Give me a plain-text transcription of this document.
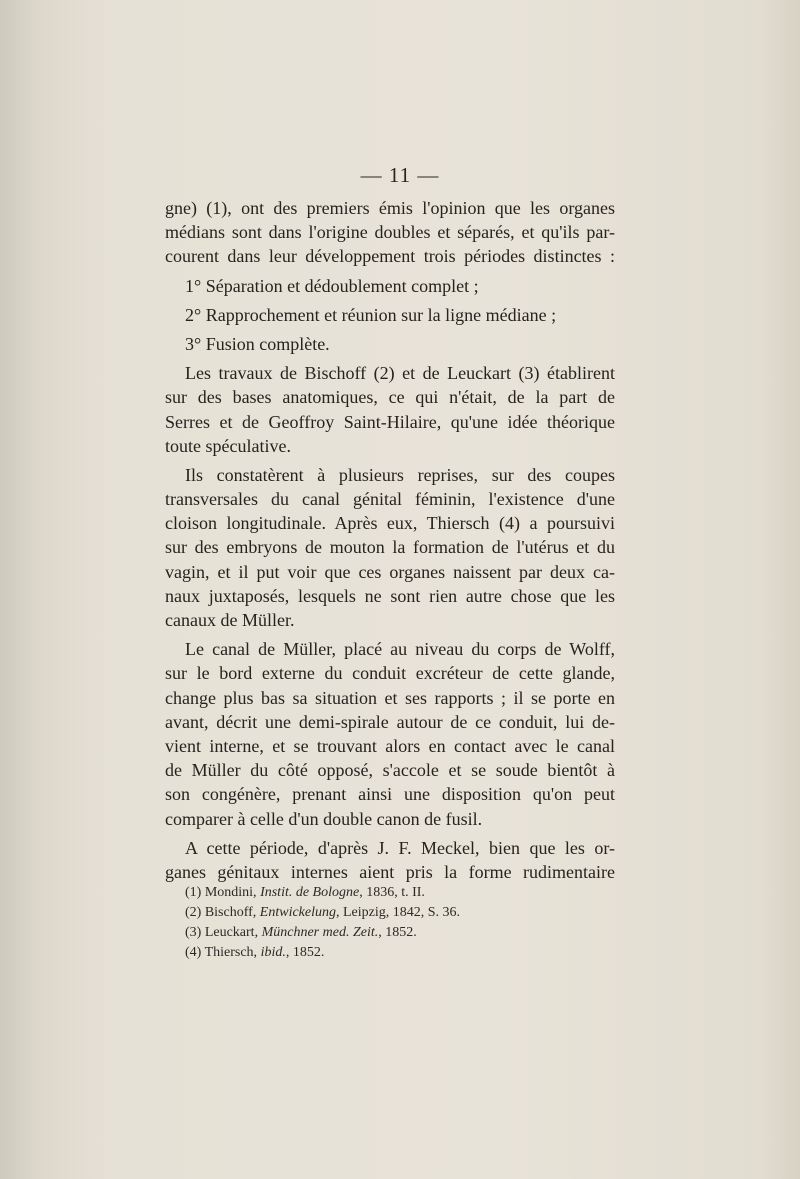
— 11 —
gne) (1), ont des premiers émis l'opinion que les organes
médians sont dans l'origine doubles et séparés, et qu'ils par-
courent dans leur développement trois périodes distinctes :
1° Séparation et dédoublement complet ;
2° Rapprochement et réunion sur la ligne médiane ;
3° Fusion complète.
Les travaux de Bischoff (2) et de Leuckart (3) établirent
sur des bases anatomiques, ce qui n'était, de la part de
Serres et de Geoffroy Saint-Hilaire, qu'une idée théorique
toute spéculative.
Ils constatèrent à plusieurs reprises, sur des coupes
transversales du canal génital féminin, l'existence d'une
cloison longitudinale. Après eux, Thiersch (4) a poursuivi
sur des embryons de mouton la formation de l'utérus et du
vagin, et il put voir que ces organes naissent par deux ca-
naux juxtaposés, lesquels ne sont rien autre chose que les
canaux de Müller.
Le canal de Müller, placé au niveau du corps de Wolff,
sur le bord externe du conduit excréteur de cette glande,
change plus bas sa situation et ses rapports ; il se porte en
avant, décrit une demi-spirale autour de ce conduit, lui de-
vient interne, et se trouvant alors en contact avec le canal
de Müller du côté opposé, s'accole et se soude bientôt à
son congénère, prenant ainsi une disposition qu'on peut
comparer à celle d'un double canon de fusil.
A cette période, d'après J. F. Meckel, bien que les or-
ganes génitaux internes aient pris la forme rudimentaire
(1) Mondini, Instit. de Bologne, 1836, t. II.
(2) Bischoff, Entwickelung, Leipzig, 1842, S. 36.
(3) Leuckart, Münchner med. Zeit., 1852.
(4) Thiersch, ibid., 1852.
